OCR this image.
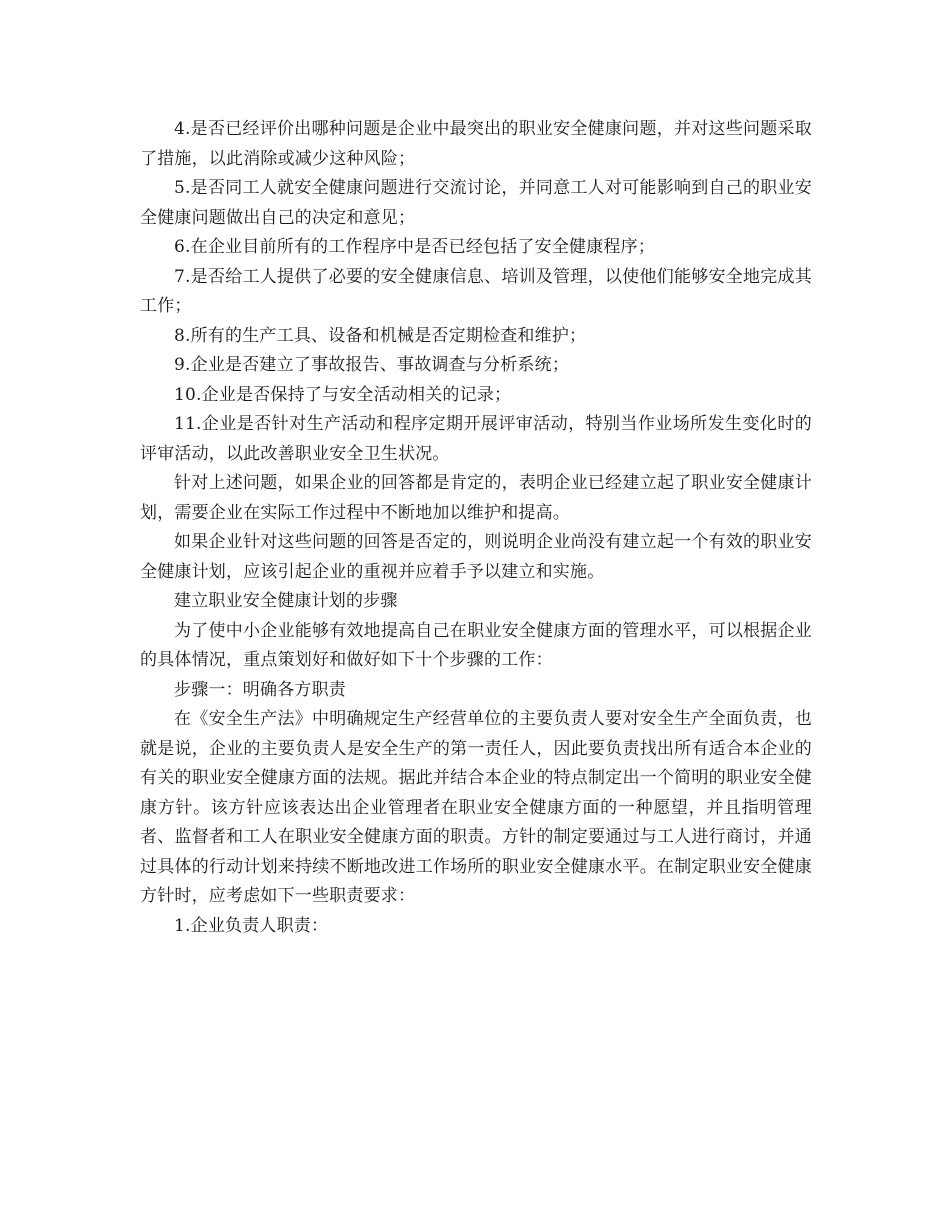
4.是否已经评价出哪种问题是企业中最突出的职业安全健康问题，并对这些问题采取了措施，以此消除或减少这种风险；

5.是否同工人就安全健康问题进行交流讨论，并同意工人对可能影响到自己的职业安全健康问题做出自己的决定和意见；

6.在企业目前所有的工作程序中是否已经包括了安全健康程序；

7.是否给工人提供了必要的安全健康信息、培训及管理，以使他们能够安全地完成其工作；

8.所有的生产工具、设备和机械是否定期检查和维护；

9.企业是否建立了事故报告、事故调查与分析系统；

10.企业是否保持了与安全活动相关的记录；

11.企业是否针对生产活动和程序定期开展评审活动，特别当作业场所发生变化时的评审活动，以此改善职业安全卫生状况。

针对上述问题，如果企业的回答都是肯定的，表明企业已经建立起了职业安全健康计划，需要企业在实际工作过程中不断地加以维护和提高。

如果企业针对这些问题的回答是否定的，则说明企业尚没有建立起一个有效的职业安全健康计划，应该引起企业的重视并应着手予以建立和实施。

建立职业安全健康计划的步骤

为了使中小企业能够有效地提高自己在职业安全健康方面的管理水平，可以根据企业的具体情况，重点策划好和做好如下十个步骤的工作：

步骤一：明确各方职责

在《安全生产法》中明确规定生产经营单位的主要负责人要对安全生产全面负责，也就是说，企业的主要负责人是安全生产的第一责任人，因此要负责找出所有适合本企业的有关的职业安全健康方面的法规。据此并结合本企业的特点制定出一个简明的职业安全健康方针。该方针应该表达出企业管理者在职业安全健康方面的一种愿望，并且指明管理者、监督者和工人在职业安全健康方面的职责。方针的制定要通过与工人进行商讨，并通过具体的行动计划来持续不断地改进工作场所的职业安全健康水平。在制定职业安全健康方针时，应考虑如下一些职责要求：

1.企业负责人职责：
